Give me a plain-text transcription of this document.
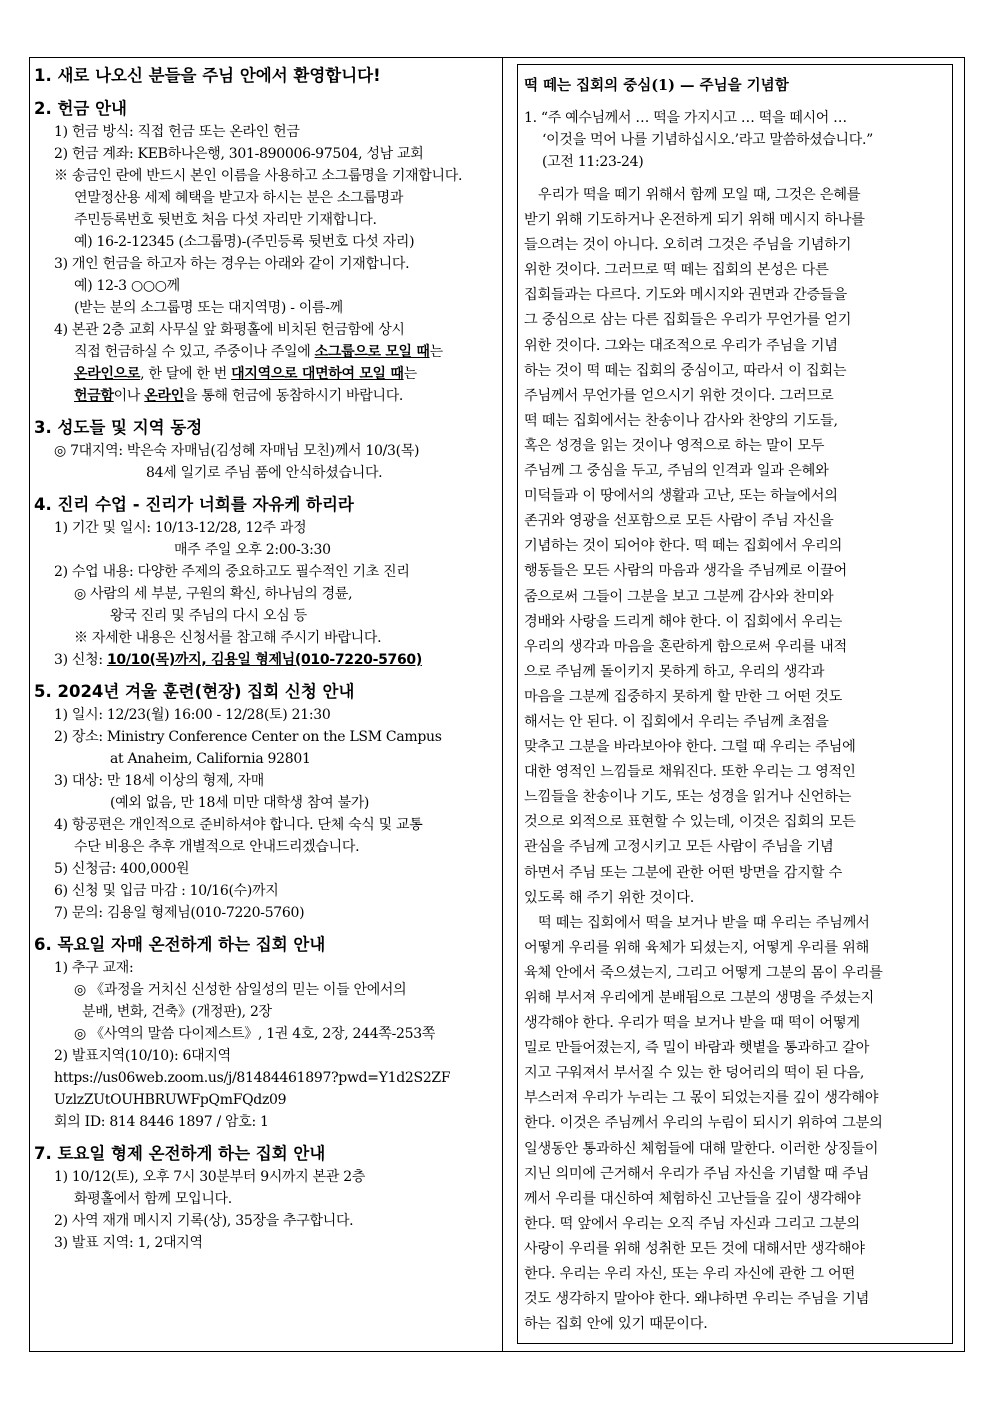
1. 새로 나오신 분들을 주님 안에서 환영합니다!
2. 헌금 안내
1) 헌금 방식: 직접 헌금 또는 온라인 헌금
2) 헌금 계좌: KEB하나은행, 301-890006-97504, 성남 교회
※ 송금인 란에 반드시 본인 이름을 사용하고 소그룹명을 기재합니다.
연말정산용 세제 혜택을 받고자 하시는 분은 소그룹명과
주민등록번호 뒷번호 처음 다섯 자리만 기재합니다.
예) 16-2-12345 (소그룹명)-(주민등록 뒷번호 다섯 자리)
3) 개인 헌금을 하고자 하는 경우는 아래와 같이 기재합니다.
예) 12-3 ○○○께
(받는 분의 소그룹명 또는 대지역명) - 이름-께
4) 본관 2층 교회 사무실 앞 화평홀에 비치된 헌금함에 상시
직접 헌금하실 수 있고, 주중이나 주일에 소그룹으로 모일 때는
온라인으로, 한 달에 한 번 대지역으로 대면하여 모일 때는
헌금함이나 온라인을 통해 헌금에 동참하시기 바랍니다.
3. 성도들 및 지역 동정
◎ 7대지역: 박은숙 자매님(김성혜 자매님 모친)께서 10/3(목)
84세 일기로 주님 품에 안식하셨습니다.
4. 진리 수업 - 진리가 너희를 자유케 하리라
1) 기간 및 일시: 10/13-12/28, 12주 과정
매주 주일 오후 2:00-3:30
2) 수업 내용: 다양한 주제의 중요하고도 필수적인 기초 진리
◎ 사람의 세 부분, 구원의 확신, 하나님의 경륜,
왕국 진리 및 주님의 다시 오심 등
※ 자세한 내용은 신청서를 참고해 주시기 바랍니다.
3) 신청: 10/10(목)까지, 김용일 형제님(010-7220-5760)
5. 2024년 겨울 훈련(현장) 집회 신청 안내
1) 일시: 12/23(월) 16:00 - 12/28(토) 21:30
2) 장소: Ministry Conference Center on the LSM Campus
at Anaheim, California 92801
3) 대상: 만 18세 이상의 형제, 자매
(예외 없음, 만 18세 미만 대학생 참여 불가)
4) 항공편은 개인적으로 준비하셔야 합니다. 단체 숙식 및 교통
수단 비용은 추후 개별적으로 안내드리겠습니다.
5) 신청금: 400,000원
6) 신청 및 입금 마감 : 10/16(수)까지
7) 문의: 김용일 형제님(010-7220-5760)
6. 목요일 자매 온전하게 하는 집회 안내
1) 추구 교재:
◎ 《과정을 거치신 신성한 삼일성의 믿는 이들 안에서의
분배, 변화, 건축》(개정판), 2장
◎ 《사역의 말씀 다이제스트》, 1권 4호, 2장, 244쪽-253쪽
2) 발표지역(10/10): 6대지역
https://us06web.zoom.us/j/81484461897?pwd=Y1d2S2ZF
UzlzZUtOUHBRUWFpQmFQdz09
회의 ID: 814 8446 1897 / 암호: 1
7. 토요일 형제 온전하게 하는 집회 안내
1) 10/12(토), 오후 7시 30분부터 9시까지 본관 2층
화평홀에서 함께 모입니다.
2) 사역 재개 메시지 기록(상), 35장을 추구합니다.
3) 발표 지역: 1, 2대지역
떡 떼는 집회의 중심(1) — 주님을 기념함
1. “주 예수님께서 … 떡을 가지시고 … 떡을 떼시어 …
‘이것을 먹어 나를 기념하십시오.’라고 말씀하셨습니다.”
(고전 11:23-24)
　우리가 떡을 떼기 위해서 함께 모일 때, 그것은 은혜를
받기 위해 기도하거나 온전하게 되기 위해 메시지 하나를
들으려는 것이 아니다. 오히려 그것은 주님을 기념하기
위한 것이다. 그러므로 떡 떼는 집회의 본성은 다른
집회들과는 다르다. 기도와 메시지와 권면과 간증들을
그 중심으로 삼는 다른 집회들은 우리가 무언가를 얻기
위한 것이다. 그와는 대조적으로 우리가 주님을 기념
하는 것이 떡 떼는 집회의 중심이고, 따라서 이 집회는
주님께서 무언가를 얻으시기 위한 것이다. 그러므로
떡 떼는 집회에서는 찬송이나 감사와 찬양의 기도들,
혹은 성경을 읽는 것이나 영적으로 하는 말이 모두
주님께 그 중심을 두고, 주님의 인격과 일과 은혜와
미덕들과 이 땅에서의 생활과 고난, 또는 하늘에서의
존귀와 영광을 선포함으로 모든 사람이 주님 자신을
기념하는 것이 되어야 한다. 떡 떼는 집회에서 우리의
행동들은 모든 사람의 마음과 생각을 주님께로 이끌어
줌으로써 그들이 그분을 보고 그분께 감사와 찬미와
경배와 사랑을 드리게 해야 한다. 이 집회에서 우리는
우리의 생각과 마음을 혼란하게 함으로써 우리를 내적
으로 주님께 돌이키지 못하게 하고, 우리의 생각과
마음을 그분께 집중하지 못하게 할 만한 그 어떤 것도
해서는 안 된다. 이 집회에서 우리는 주님께 초점을
맞추고 그분을 바라보아야 한다. 그럴 때 우리는 주님에
대한 영적인 느낌들로 채워진다. 또한 우리는 그 영적인
느낌들을 찬송이나 기도, 또는 성경을 읽거나 신언하는
것으로 외적으로 표현할 수 있는데, 이것은 집회의 모든
관심을 주님께 고정시키고 모든 사람이 주님을 기념
하면서 주님 또는 그분에 관한 어떤 방면을 감지할 수
있도록 해 주기 위한 것이다.
　떡 떼는 집회에서 떡을 보거나 받을 때 우리는 주님께서
어떻게 우리를 위해 육체가 되셨는지, 어떻게 우리를 위해
육체 안에서 죽으셨는지, 그리고 어떻게 그분의 몸이 우리를
위해 부서져 우리에게 분배됨으로 그분의 생명을 주셨는지
생각해야 한다. 우리가 떡을 보거나 받을 때 떡이 어떻게
밀로 만들어졌는지, 즉 밀이 바람과 햇볕을 통과하고 갈아
지고 구워져서 부서질 수 있는 한 덩어리의 떡이 된 다음,
부스러져 우리가 누리는 그 몫이 되었는지를 깊이 생각해야
한다. 이것은 주님께서 우리의 누림이 되시기 위하여 그분의
일생동안 통과하신 체험들에 대해 말한다. 이러한 상징들이
지닌 의미에 근거해서 우리가 주님 자신을 기념할 때 주님
께서 우리를 대신하여 체험하신 고난들을 깊이 생각해야
한다. 떡 앞에서 우리는 오직 주님 자신과 그리고 그분의
사랑이 우리를 위해 성취한 모든 것에 대해서만 생각해야
한다. 우리는 우리 자신, 또는 우리 자신에 관한 그 어떤
것도 생각하지 말아야 한다. 왜냐하면 우리는 주님을 기념
하는 집회 안에 있기 때문이다.
